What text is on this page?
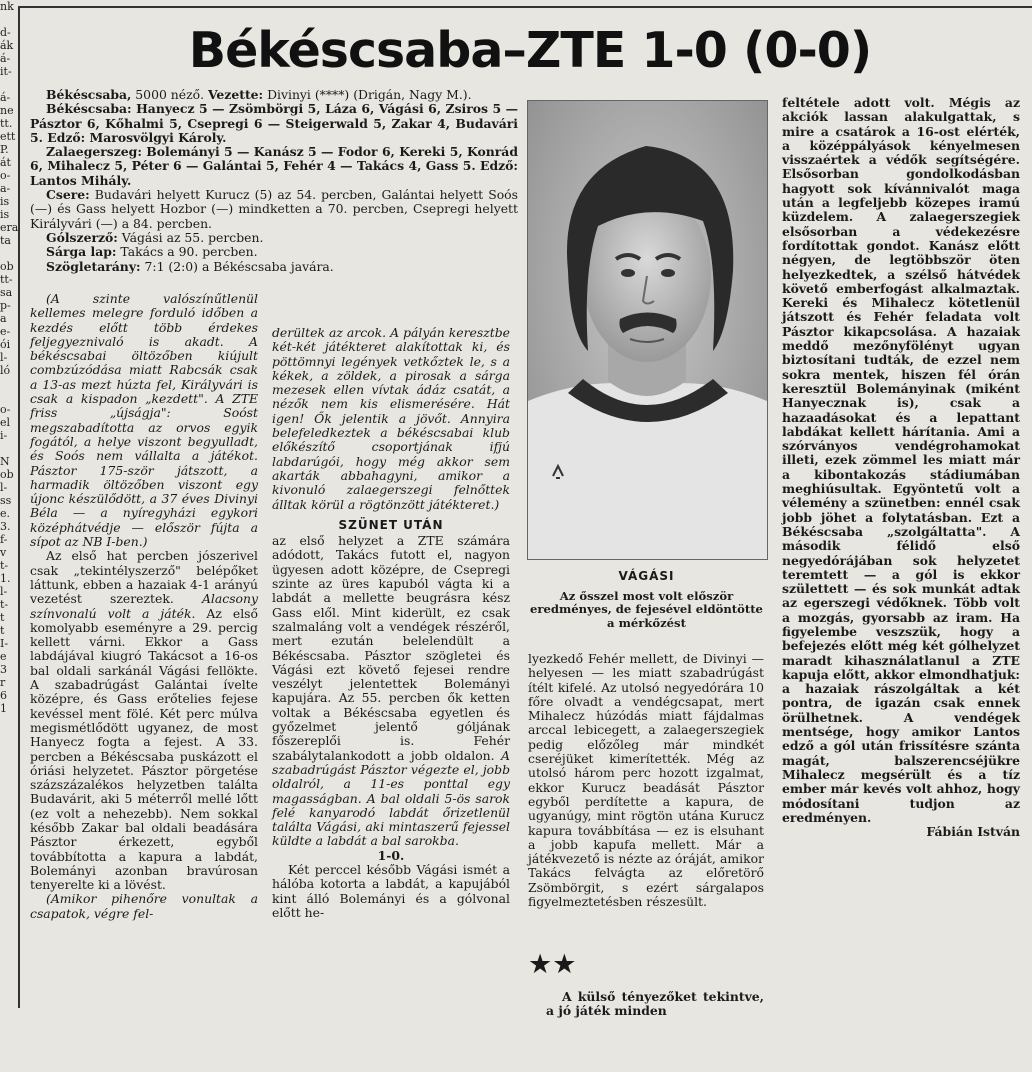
nk

d-
ák
á-
it-

á-
ne
tt.
ett
P.
át
o-
a-
is
is
era
ta

ob
tt-
sa
p-
a
e-
ói
l-
ló

o-
el
i-

N
ob
l-
ss
e.
3.
f-
v
t-
1.
l-
t-
t
t
I-
e
3
r
6
1
Békéscsaba–ZTE 1-0 (0-0)

Békéscsaba, 5000 néző. Vezette: Divinyi (****) (Drigán, Nagy M.).

Békéscsaba: Hanyecz 5 — Zsömbörgi 5, Láza 6, Vágási 6, Zsiros 5 — Pásztor 6, Kőhalmi 5, Csepregi 6 — Steigerwald 5, Zakar 4, Budavári 5. Edző: Marosvölgyi Károly.

Zalaegerszeg: Bolemányi 5 — Kanász 5 — Fodor 6, Kereki 5, Konrád 6, Mihalecz 5, Péter 6 — Galántai 5, Fehér 4 — Takács 4, Gass 5. Edző: Lantos Mihály.

Csere: Budavári helyett Kurucz (5) az 54. percben, Galántai helyett Soós (—) és Gass helyett Hozbor (—) mindketten a 70. percben, Csepregi helyett Királyvári (—) a 84. percben.

Gólszerző: Vágási az 55. percben.

Sárga lap: Takács a 90. percben.

Szögletarány: 7:1 (2:0) a Békéscsaba javára.

(A szinte valószínűtlenül kellemes melegre forduló időben a kezdés előtt több érdekes feljegyeznivaló is akadt. A békéscsabai öltözőben kiújult combzúzódása miatt Rabcsák csak a 13-as mezt húzta fel, Királyvári is csak a kispadon „kezdett". A ZTE friss „újságja": Soóst megszabadította az orvos egyik fogától, a helye viszont begyulladt, és Soós nem vállalta a játékot. Pásztor 175-ször játszott, a harmadik öltözőben viszont egy újonc készülődött, a 37 éves Divinyi Béla — a nyíregyházi egykori középhátvédje — először fújta a sípot az NB I-ben.)

Az első hat percben jószerivel csak „tekintélyszerző" belépőket láttunk, ebben a hazaiak 4-1 arányú vezetést szereztek. Alacsony színvonalú volt a játék. Az első komolyabb eseményre a 29. percig kellett várni. Ekkor a Gass labdájával kiugró Takácsot a 16-os bal oldali sarkánál Vágási fellökte. A szabadrúgást Galántai ívelte középre, és Gass erőtelies fejese kevéssel ment fölé. Két perc múlva megismétlődött ugyanez, de most Hanyecz fogta a fejest. A 33. percben a Békéscsaba puskázott el óriási helyzetet. Pásztor pörgetése százszázalékos helyzetben találta Budavárit, aki 5 méterről mellé lőtt (ez volt a nehezebb). Nem sokkal később Zakar bal oldali beadására Pásztor érkezett, egyből továbbította a kapura a labdát, Bolemányi azonban bravúrosan tenyerelte ki a lövést.

(Amikor pihenőre vonultak a csapatok, végre fel-

derültek az arcok. A pályán keresztbe két-két játékteret alakítottak ki, és pöttömnyi legények vetkőztek le, s a kékek, a zöldek, a pirosak a sárga mezesek ellen vívtak ádáz csatát, a nézők nem kis elismerésére. Hát igen! Ők jelentik a jövőt. Annyira belefeledkeztek a békéscsabai klub előkészítő csoportjának ifjú labdarúgói, hogy még akkor sem akarták abbahagyni, amikor a kivonuló zalaegerszegi felnőttek álltak körül a rögtönzött játékteret.)

SZÜNET UTÁN

az első helyzet a ZTE számára adódott, Takács futott el, nagyon ügyesen adott középre, de Csepregi szinte az üres kapuból vágta ki a labdát a mellette beugrásra kész Gass elől. Mint kiderült, ez csak szalmaláng volt a vendégek részéről, mert ezután belelendült a Békéscsaba. Pásztor szögletei és Vágási ezt követő fejesei rendre veszélyt jelentettek Bolemányi kapujára. Az 55. percben ők ketten voltak a Békéscsaba egyetlen és győzelmet jelentő góljának főszereplői is. Fehér szabálytalankodott a jobb oldalon. A szabadrúgást Pásztor végezte el, jobb oldalról, a 11-es ponttal egy magasságban. A bal oldali 5-ös sarok felé kanyarodó labdát őrizetlenül találta Vágási, aki mintaszerű fejessel küldte a labdát a bal sarokba.

1-0.

Két perccel később Vágási ismét a hálóba kotorta a labdát, a kapujából kint álló Bolemányi és a gólvonal előtt he-

VÁGÁSI

Az ősszel most volt először eredményes, de fejesével eldöntötte a mérkőzést

lyezkedő Fehér mellett, de Divinyi — helyesen — les miatt szabadrúgást ítélt kifelé. Az utolsó negyedórára 10 főre olvadt a vendégcsapat, mert Mihalecz húzódás miatt fájdalmas arccal lebicegett, a zalaegerszegiek pedig előzőleg már mindkét cseréjüket kimerítették. Még az utolsó három perc hozott izgalmat, ekkor Kurucz beadását Pásztor egyből perdítette a kapura, de ugyanúgy, mint rögtön utána Kurucz kapura továbbítása — ez is elsuhant a jobb kapufa mellett. Már a játékvezető is nézte az óráját, amikor Takács felvágta az előretörő Zsömbörgit, s ezért sárgalapos figyelmeztetésben részesült.

★★

A külső tényezőket tekintve, a jó játék minden

feltétele adott volt. Mégis az akciók lassan alakulgattak, s mire a csatárok a 16-ost elérték, a középpályások kényelmesen visszaértek a védők segítségére. Elsősorban gondolkodásban hagyott sok kívánnivalót maga után a legfeljebb közepes iramú küzdelem. A zalaegerszegiek elsősorban a védekezésre fordítottak gondot. Kanász előtt négyen, de legtöbbször öten helyezkedtek, a szélső hátvédek követő emberfogást alkalmaztak. Kereki és Mihalecz kötetlenül játszott és Fehér feladata volt Pásztor kikapcsolása. A hazaiak meddő mezőnyfölényt ugyan biztosítani tudták, de ezzel nem sokra mentek, hiszen fél órán keresztül Bolemányinak (miként Hanyecznak is), csak a hazaadásokat és a lepattant labdákat kellett hárítania. Ami a szórványos vendégrohamokat illeti, ezek zömmel les miatt már a kibontakozás stádiumában meghiúsultak. Egyöntetű volt a vélemény a szünetben: ennél csak jobb jöhet a folytatásban. Ezt a Békéscsaba „szolgáltatta". A második félidő első negyedórájában sok helyzetet teremtett — a gól is ekkor születtett — és sok munkát adtak az egerszegi védőknek. Több volt a mozgás, gyorsabb az iram. Ha figyelembe veszszük, hogy a befejezés előtt még két gólhelyzet maradt kihasználatlanul a ZTE kapuja előtt, akkor elmondhatjuk: a hazaiak rászolgáltak a két pontra, de igazán csak ennek örülhetnek. A vendégek mentsége, hogy amikor Lantos edző a gól után frissítésre szánta magát, balszerencséjükre Mihalecz megsérült és a tíz ember már kevés volt ahhoz, hogy módosítani tudjon az eredményen.

Fábián István
